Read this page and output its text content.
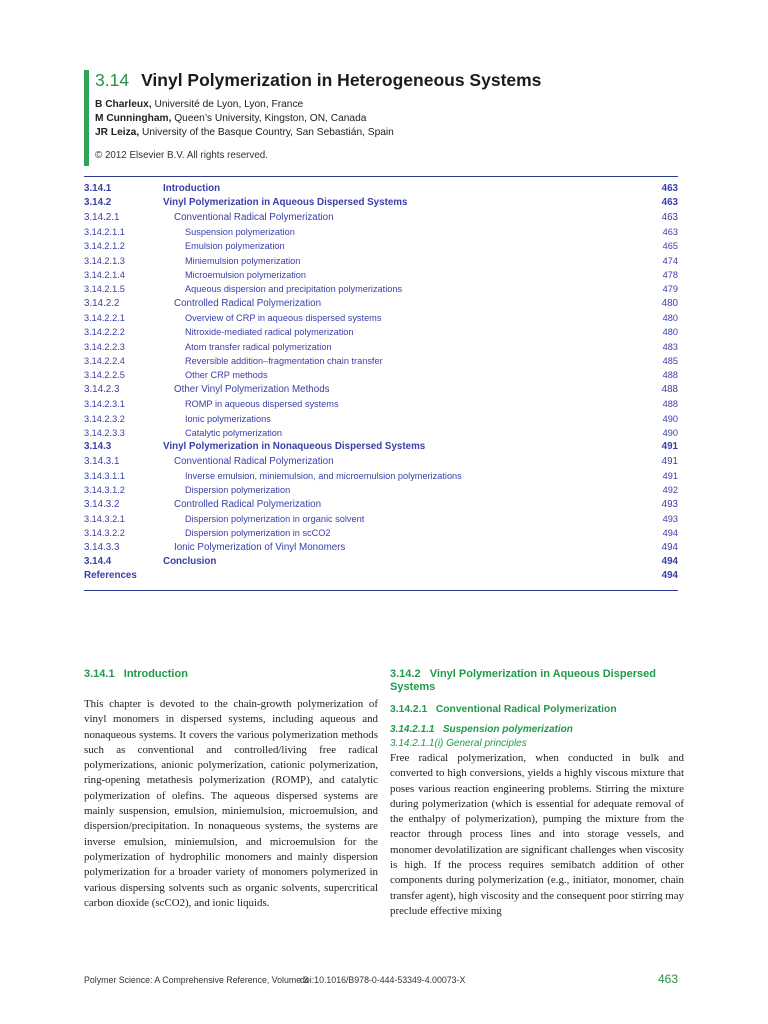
3.14 Vinyl Polymerization in Heterogeneous Systems
B Charleux, Université de Lyon, Lyon, France
M Cunningham, Queen’s University, Kingston, ON, Canada
JR Leiza, University of the Basque Country, San Sebastián, Spain
© 2012 Elsevier B.V. All rights reserved.
3.14.1	Introduction	463
3.14.2	Vinyl Polymerization in Aqueous Dispersed Systems	463
3.14.2.1	Conventional Radical Polymerization	463
3.14.2.1.1	Suspension polymerization	463
3.14.2.1.2	Emulsion polymerization	465
3.14.2.1.3	Miniemulsion polymerization	474
3.14.2.1.4	Microemulsion polymerization	478
3.14.2.1.5	Aqueous dispersion and precipitation polymerizations	479
3.14.2.2	Controlled Radical Polymerization	480
3.14.2.2.1	Overview of CRP in aqueous dispersed systems	480
3.14.2.2.2	Nitroxide-mediated radical polymerization	480
3.14.2.2.3	Atom transfer radical polymerization	483
3.14.2.2.4	Reversible addition–fragmentation chain transfer	485
3.14.2.2.5	Other CRP methods	488
3.14.2.3	Other Vinyl Polymerization Methods	488
3.14.2.3.1	ROMP in aqueous dispersed systems	488
3.14.2.3.2	Ionic polymerizations	490
3.14.2.3.3	Catalytic polymerization	490
3.14.3	Vinyl Polymerization in Nonaqueous Dispersed Systems	491
3.14.3.1	Conventional Radical Polymerization	491
3.14.3.1.1	Inverse emulsion, miniemulsion, and microemulsion polymerizations	491
3.14.3.1.2	Dispersion polymerization	492
3.14.3.2	Controlled Radical Polymerization	493
3.14.3.2.1	Dispersion polymerization in organic solvent	493
3.14.3.2.2	Dispersion polymerization in scCO2	494
3.14.3.3	Ionic Polymerization of Vinyl Monomers	494
3.14.4	Conclusion	494
References	494
3.14.1 Introduction

This chapter is devoted to the chain-growth polymerization of vinyl monomers in dispersed systems, including aqueous and nonaqueous systems. It covers the various polymerization methods such as conventional and controlled/living free radical polymerizations, anionic polymerization, cationic polymerization, ring-opening metathesis polymerization (ROMP), and catalytic polymerization of olefins. The aqueous dispersed systems are mainly suspension, emulsion, miniemulsion, microemulsion, and dispersion/precipitation. In nonaqueous systems, the systems are inverse emulsion, miniemulsion, and microemulsion for the polymerization of hydrophilic monomers and mainly dispersion polymerization for a broader variety of monomers polymerized in various dispersing solvents such as organic solvents, supercritical carbon dioxide (scCO2), and ionic liquids.

3.14.2 Vinyl Polymerization in Aqueous Dispersed Systems
3.14.2.1 Conventional Radical Polymerization
3.14.2.1.1 Suspension polymerization
3.14.2.1.1(i) General principles

Free radical polymerization, when conducted in bulk and converted to high conversions, yields a highly viscous mixture that poses various reaction engineering problems. Stirring the mixture during polymerization (which is essential for adequate removal of the enthalpy of polymerization), pumping the mixture from the reactor through process lines and into storage vessels, and monomer devolatilization are significant challenges when viscosity is high. If the process requires semibatch addition of other components during polymerization (e.g., initiator, monomer, chain transfer agent), high viscosity and the consequent poor stirring may preclude effective mixing

Polymer Science: A Comprehensive Reference, Volume 3
doi:10.1016/B978-0-444-53349-4.00073-X	463
